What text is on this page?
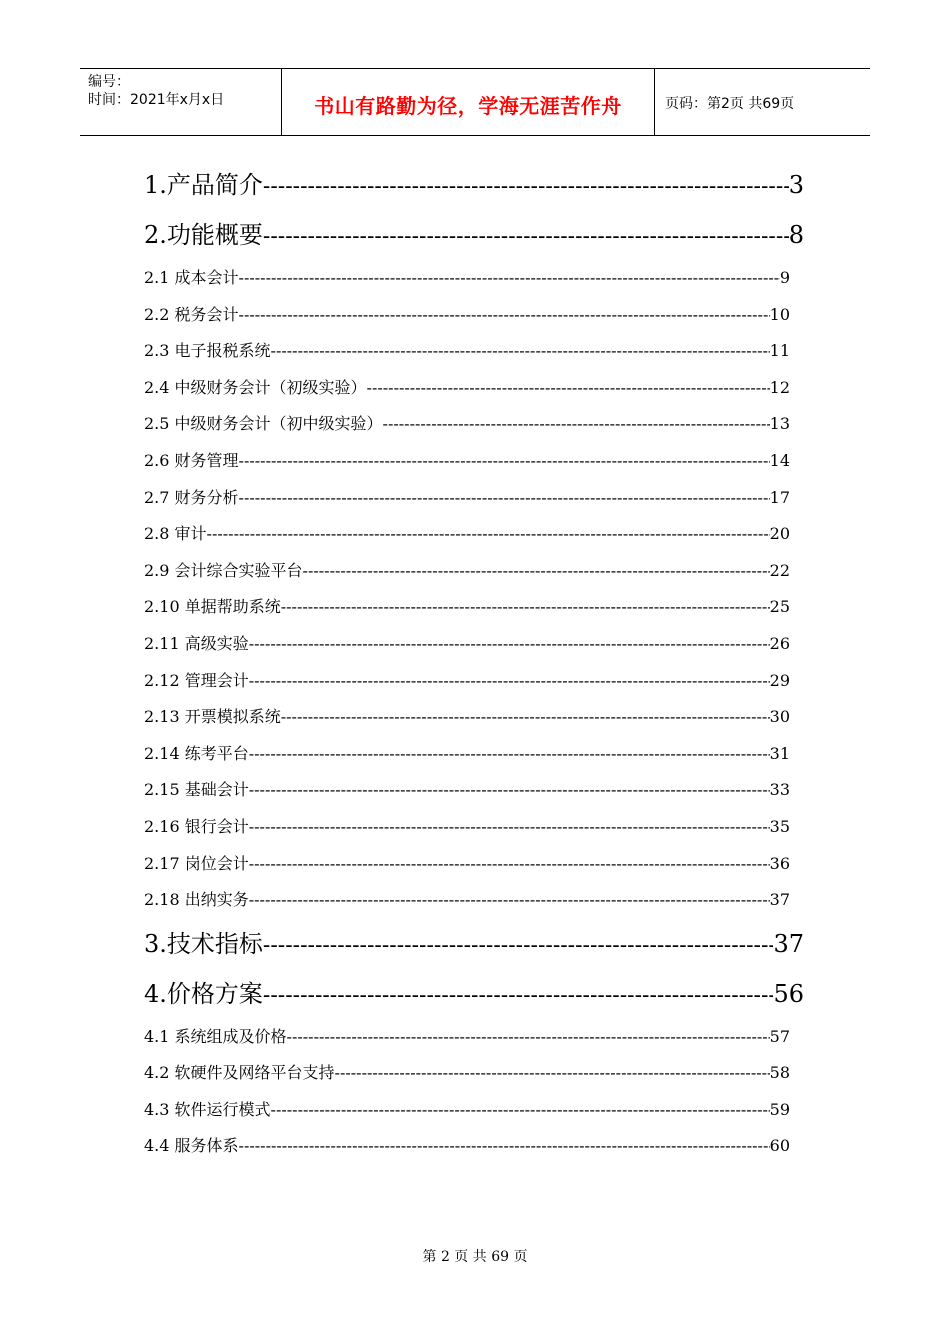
编号：
时间：2021年x月x日	书山有路勤为径，学海无涯苦作舟	页码：第2页 共69页
1.产品简介 -----	3
2.功能概要 -----	8
2.1 成本会计 -----	9
2.2 税务会计 -----	10
2.3 电子报税系统 -----	11
2.4 中级财务会计（初级实验） -----	12
2.5 中级财务会计（初中级实验） -----	13
2.6 财务管理 -----	14
2.7 财务分析 -----	17
2.8 审计 -----	20
2.9 会计综合实验平台 -----	22
2.10 单据帮助系统 -----	25
2.11 高级实验 -----	26
2.12 管理会计 -----	29
2.13 开票模拟系统 -----	30
2.14 练考平台 -----	31
2.15 基础会计 -----	33
2.16 银行会计 -----	35
2.17 岗位会计 -----	36
2.18 出纳实务 -----	37
3.技术指标 -----	37
4.价格方案 -----	56
4.1 系统组成及价格 -----	57
4.2 软硬件及网络平台支持 -----	58
4.3 软件运行模式 -----	59
4.4 服务体系 -----	60
第 2 页 共 69 页
